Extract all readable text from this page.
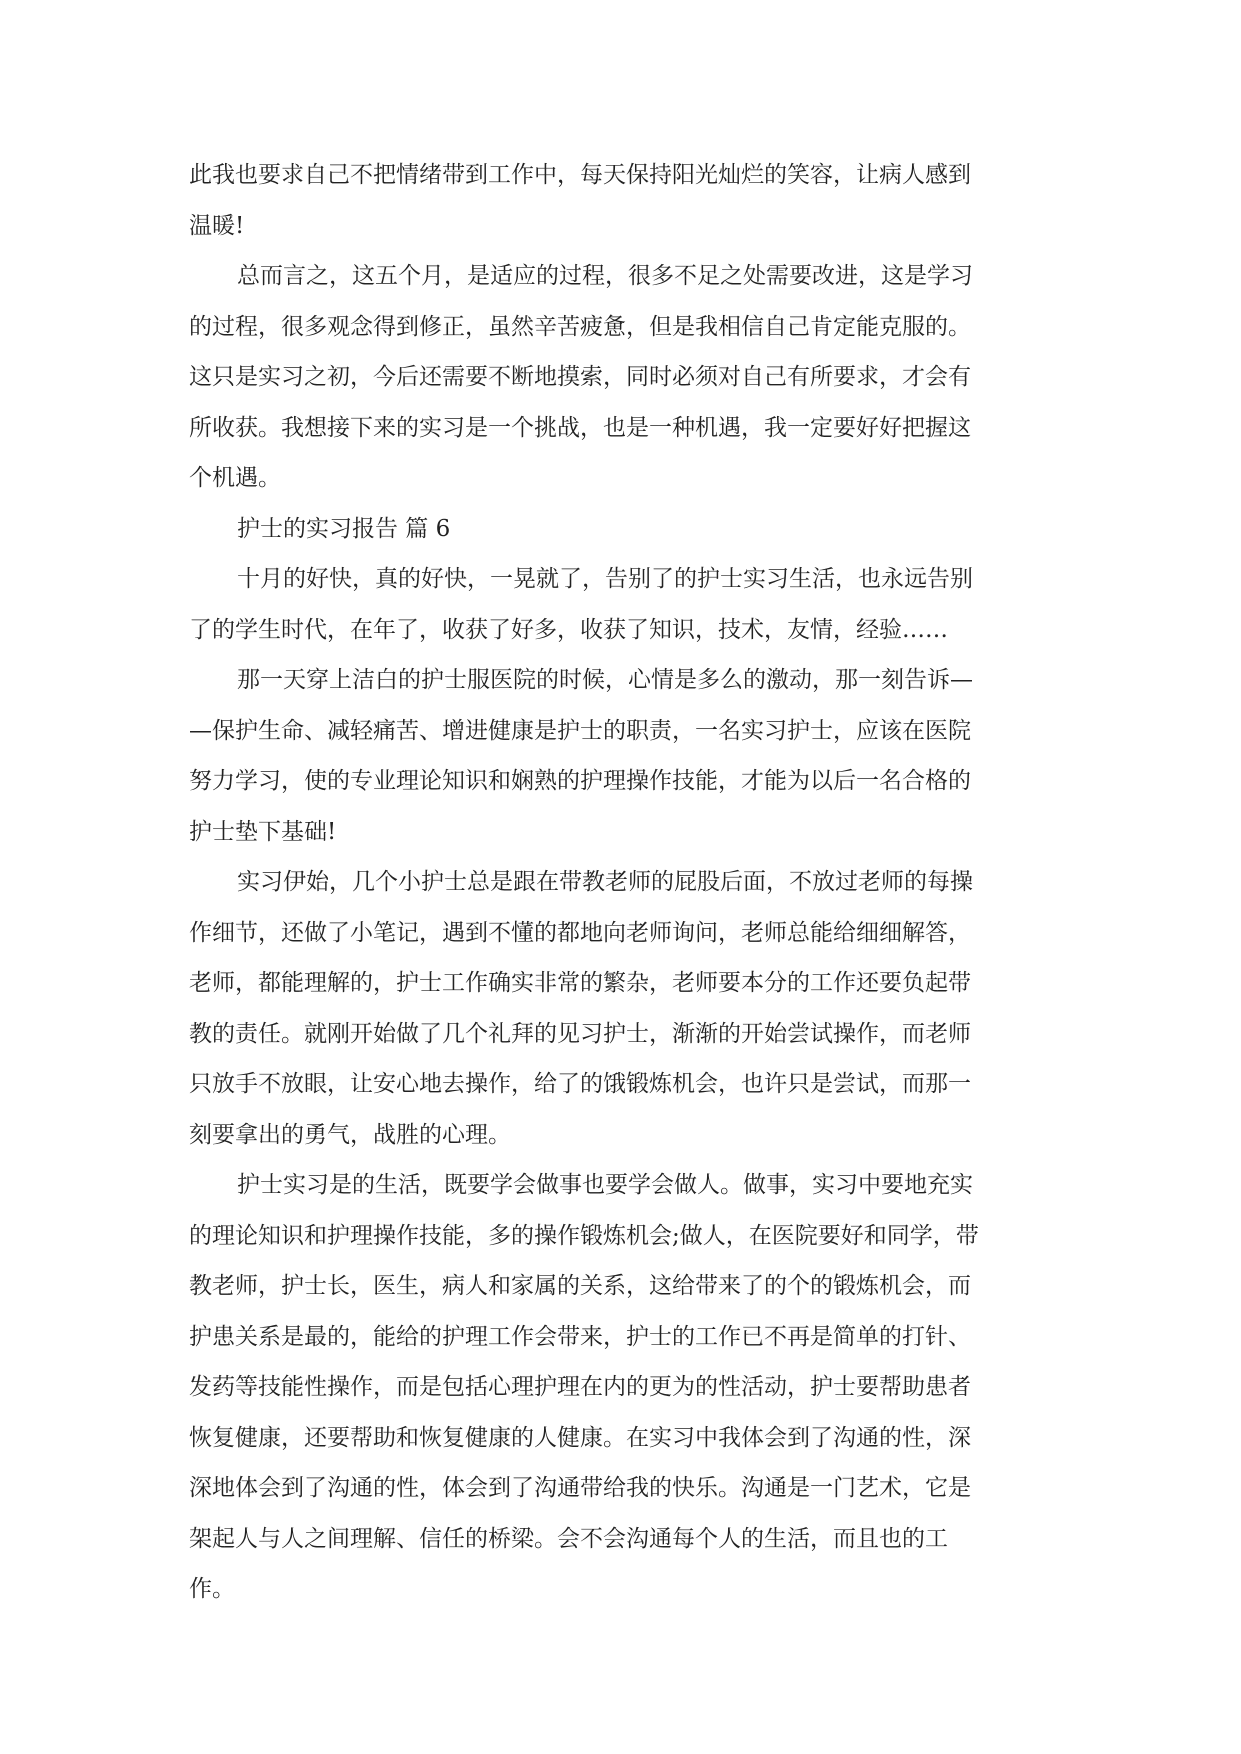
此我也要求自己不把情绪带到工作中，每天保持阳光灿烂的笑容，让病人感到
温暖!
总而言之，这五个月，是适应的过程，很多不足之处需要改进，这是学习
的过程，很多观念得到修正，虽然辛苦疲惫，但是我相信自己肯定能克服的。
这只是实习之初，今后还需要不断地摸索，同时必须对自己有所要求，才会有
所收获。我想接下来的实习是一个挑战，也是一种机遇，我一定要好好把握这
个机遇。
护士的实习报告 篇 6
十月的好快，真的好快，一晃就了，告别了的护士实习生活，也永远告别
了的学生时代，在年了，收获了好多，收获了知识，技术，友情，经验……
那一天穿上洁白的护士服医院的时候，心情是多么的激动，那一刻告诉—
—保护生命、减轻痛苦、增进健康是护士的职责，一名实习护士，应该在医院
努力学习，使的专业理论知识和娴熟的护理操作技能，才能为以后一名合格的
护士垫下基础!
实习伊始，几个小护士总是跟在带教老师的屁股后面，不放过老师的每操
作细节，还做了小笔记，遇到不懂的都地向老师询问，老师总能给细细解答，
老师，都能理解的，护士工作确实非常的繁杂，老师要本分的工作还要负起带
教的责任。就刚开始做了几个礼拜的见习护士，渐渐的开始尝试操作，而老师
只放手不放眼，让安心地去操作，给了的饿锻炼机会，也许只是尝试，而那一
刻要拿出的勇气，战胜的心理。
护士实习是的生活，既要学会做事也要学会做人。做事，实习中要地充实
的理论知识和护理操作技能，多的操作锻炼机会;做人，在医院要好和同学，带
教老师，护士长，医生，病人和家属的关系，这给带来了的个的锻炼机会，而
护患关系是最的，能给的护理工作会带来，护士的工作已不再是简单的打针、
发药等技能性操作，而是包括心理护理在内的更为的性活动，护士要帮助患者
恢复健康，还要帮助和恢复健康的人健康。在实习中我体会到了沟通的性，深
深地体会到了沟通的性，体会到了沟通带给我的快乐。沟通是一门艺术，它是
架起人与人之间理解、信任的桥梁。会不会沟通每个人的生活，而且也的工
作。
